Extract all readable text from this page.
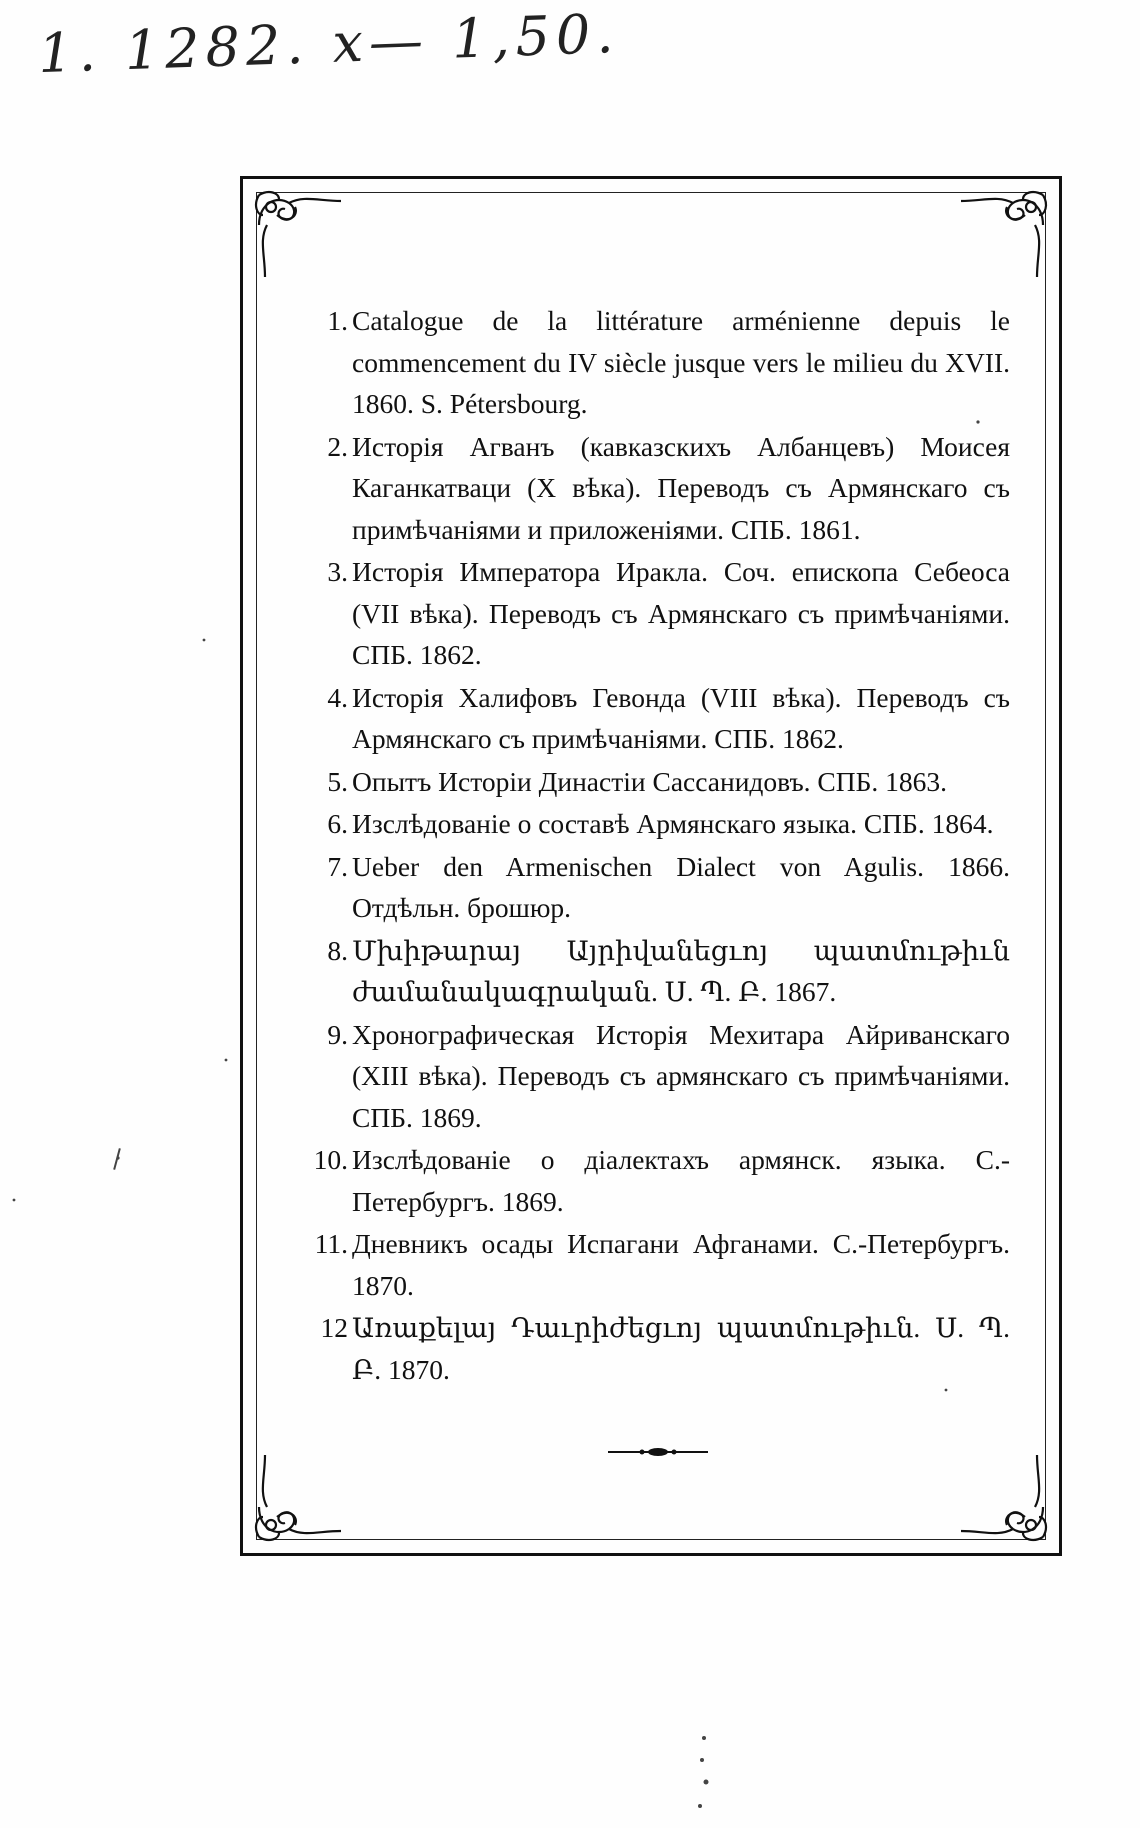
1. 1282. x— 1,50.
1. Catalogue de la littérature arménienne depuis le commencement du IV siècle jusque vers le milieu du XVII. 1860. S. Pétersbourg.
2. Исторія Агванъ (кавказскихъ Албанцевъ) Моисея Каганкатваци (X вѣка). Переводъ съ Армянскаго съ примѣчаніями и приложеніями. СПБ. 1861.
3. Исторія Императора Иракла. Соч. епископа Себеоса (VII вѣка). Переводъ съ Армянскаго съ примѣчаніями. СПБ. 1862.
4. Исторія Халифовъ Гевонда (VIII вѣка). Переводъ съ Армянскаго съ примѣчаніями. СПБ. 1862.
5. Опытъ Исторіи Династіи Сассанидовъ. СПБ. 1863.
6. Изслѣдованіе о составѣ Армянскаго языка. СПБ. 1864.
7. Ueber den Armenischen Dialect von Agulis. 1866. Отдѣльн. брошюр.
8. Մխիթարայ Այրիվանեցւոյ պատմութիւն ժամանակագրական. Ս. Պ. Բ. 1867.
9. Хронографическая Исторія Мехитара Айриванскаго (XIII вѣка). Переводъ съ армянскаго съ примѣчаніями. СПБ. 1869.
10. Изслѣдованіе о діалектахъ армянск. языка. С.-Петербургъ. 1869.
11. Дневникъ осады Испагани Афганами. С.-Петербургъ. 1870.
12 Առաքելայ Դաւրիժեցւոյ պատմութիւն. Ս. Պ. Բ. 1870.
